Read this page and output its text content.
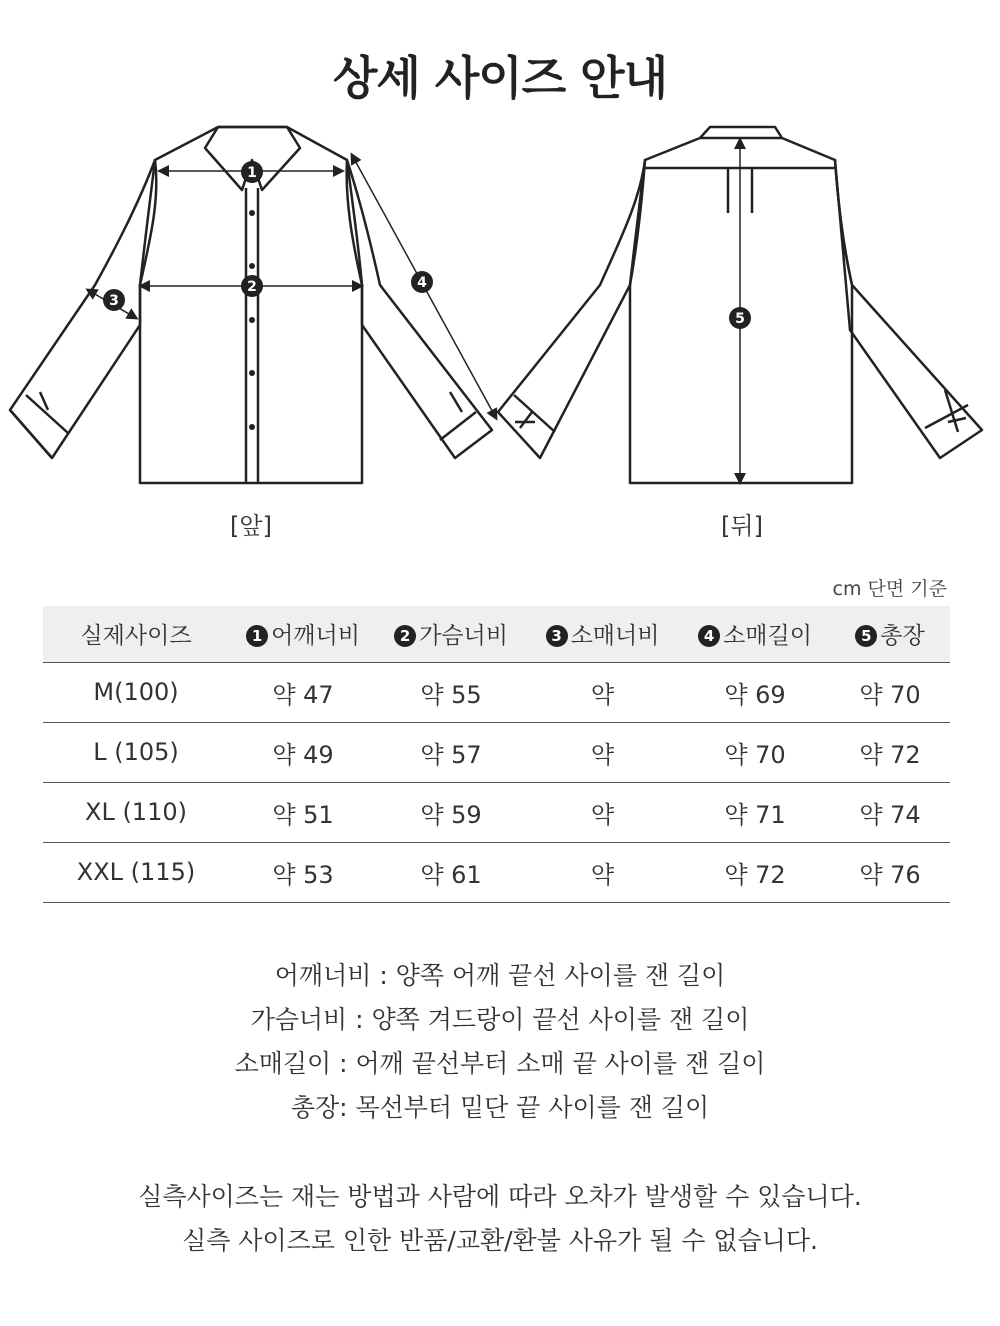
상세 사이즈 안내
1
2
3
4
5
[앞]	[뒤]
cm 단면 기준
실제사이즈	1 어깨너비	2 가슴너비	3 소매너비	4 소매길이	5 총장
M(100)	약 47	약 55	약	약 69	약 70
L (105)	약 49	약 57	약	약 70	약 72
XL (110)	약 51	약 59	약	약 71	약 74
XXL (115)	약 53	약 61	약	약 72	약 76
어깨너비 : 양쪽 어깨 끝선 사이를 잰 길이
가슴너비 : 양쪽 겨드랑이 끝선 사이를 잰 길이
소매길이 : 어깨 끝선부터 소매 끝 사이를 잰 길이
총장: 목선부터 밑단 끝 사이를 잰 길이
실측사이즈는 재는 방법과 사람에 따라 오차가 발생할 수 있습니다.
실측 사이즈로 인한 반품/교환/환불 사유가 될 수 없습니다.
